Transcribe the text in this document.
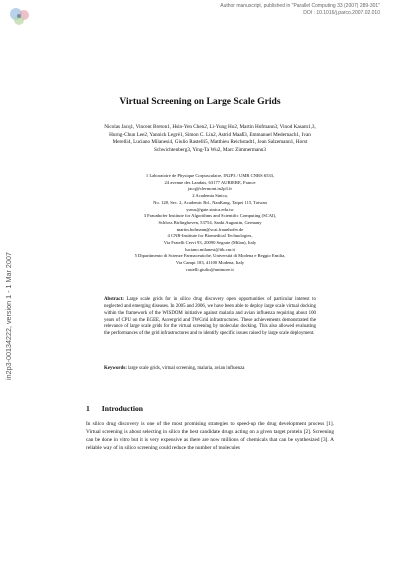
Author manuscript, published in "Parallel Computing 33 (2007) 289-301"
DOI : 10.1016/j.parco.2007.02.010
in2p3-00134222, version 1 - 1 Mar 2007
Virtual Screening on Large Scale Grids
Nicolas Jacq1, Vincent Breton1, Hsin-Yen Chen2, Li-Yung Ho2, Martin Hofmann3, Vinod Kasam1,3, Hurng-Chun Lee2, Yannick Legré1, Simon C. Lin2, Astrid Maaß3, Emmanuel Medernach1, Ivan Merelli4, Luciano Milanesi4, Giulio Rastelli5, Matthieu Reichstadt1, Jean Salzemann1, Horst Schwichtenberg3, Ying-Ta Wu2, Marc Zimmermann3

1 Laboratoire de Physique Corpusculaire, IN2P3 / UMR CNRS 6533,

24 avenue des Landais, 63177 AUBIERE, France

jacq@clermont.in2p3.fr

2 Academia Sinica,

No. 128, Sec. 2, Academic Rd., NanKang, Taipei 115, Taiwan

yuwu@gate.sinica.edu.tw

3 Fraunhofer Institute for Algorithms and Scientific Computing (SCAI),

Schloss Birlinghoven, 53754, Sankt Augustin, Germany

martin.hofmann@scai.fraunhofer.de

4 CNR-Institute for Biomedical Technologies,

Via Fratelli Cervi 93, 20090 Segrate (Milan), Italy

luciano.milanesi@itb.cnr.it

5 Dipartimento di Scienze Farmaceutiche, Università di Modena e Reggio Emilia,

Via Campi 183, 41100 Modena, Italy

rastelli.giulio@unimore.it

Abstract: Large scale grids for in silico drug discovery open opportunities of particular interest to neglected and emerging diseases. In 2005 and 2006, we have been able to deploy large scale virtual docking within the framework of the WISDOM initiative against malaria and avian influenza requiring about 100 years of CPU on the EGEE, Auvergrid and TWGrid infrastructures. These achievements demonstrated the relevance of large scale grids for the virtual screening by molecular docking. This also allowed evaluating the performances of the grid infrastructures and to identify specific issues raised by large scale deployment.
Keywords: large scale grids, virtual screening, malaria, avian influenza
1 Introduction
In silico drug discovery is one of the most promising strategies to speed-up the drug development process [1]. Virtual screening is about selecting in silico the best candidate drugs acting on a given target protein [2]. Screening can be done in vitro but it is very expensive as there are now millions of chemicals that can be synthesized [3]. A reliable way of in silico screening could reduce the number of molecules
